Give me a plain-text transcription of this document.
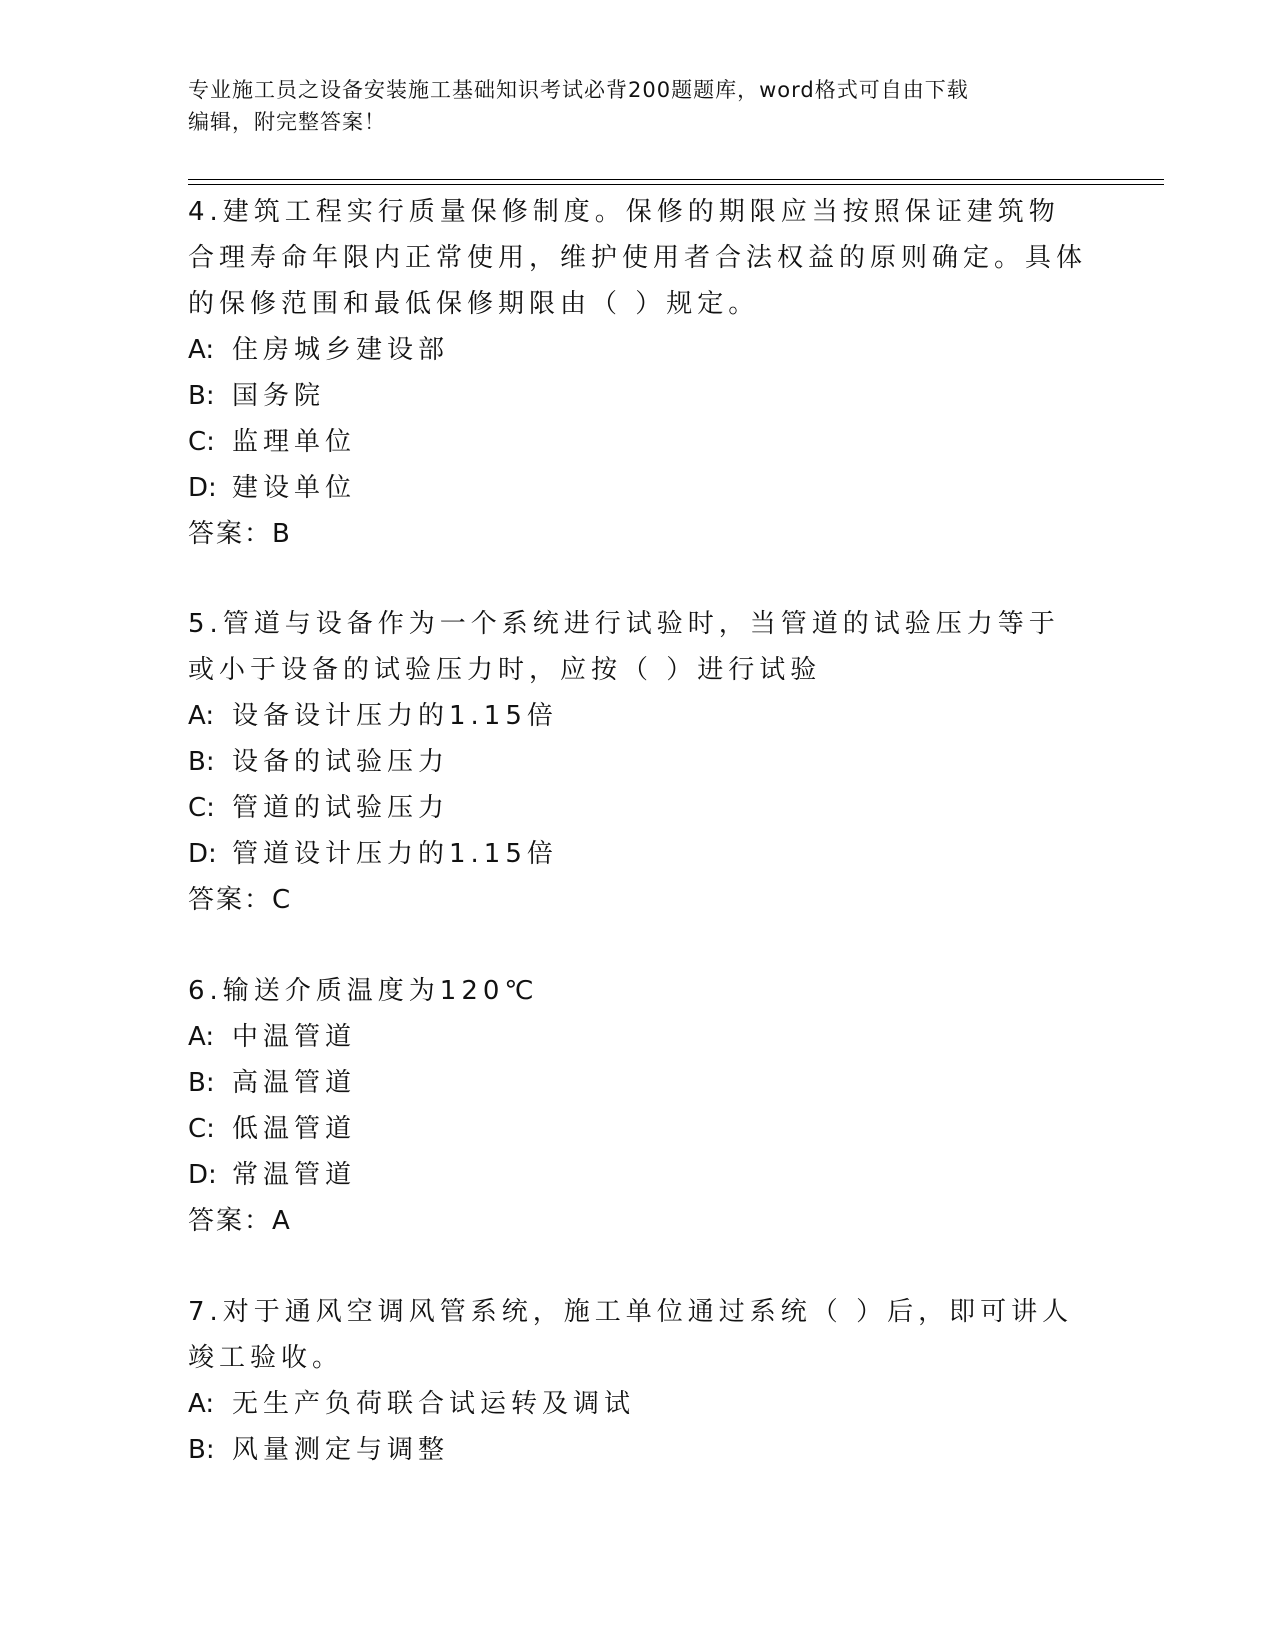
专业施工员之设备安装施工基础知识考试必背200题题库，word格式可自由下载
编辑，附完整答案！

4.建筑工程实行质量保修制度。保修的期限应当按照保证建筑物合理寿命年限内正常使用，维护使用者合法权益的原则确定。具体的保修范围和最低保修期限由（ ）规定。

A: 住房城乡建设部

B: 国务院

C: 监理单位

D: 建设单位

答案：B

5.管道与设备作为一个系统进行试验时，当管道的试验压力等于或小于设备的试验压力时，应按（ ）进行试验

A: 设备设计压力的1.15倍

B: 设备的试验压力

C: 管道的试验压力

D: 管道设计压力的1.15倍

答案：C

6.输送介质温度为120℃

A: 中温管道

B: 高温管道

C: 低温管道

D: 常温管道

答案：A

7.对于通风空调风管系统，施工单位通过系统（ ）后，即可讲人竣工验收。

A: 无生产负荷联合试运转及调试

B: 风量测定与调整
